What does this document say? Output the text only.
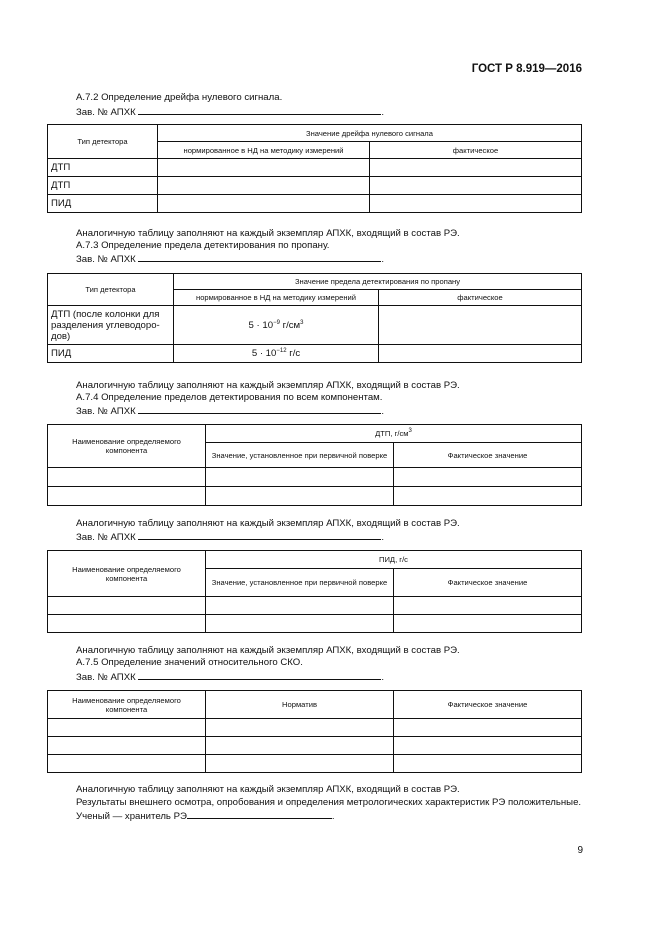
ГОСТ Р 8.919—2016
А.7.2 Определение дрейфа нулевого сигнала.
Зав. № АПХК	.
Тип детектора	Значение дрейфа нулевого сигнала	
	нормированное в НД на методику измерений	фактическое
ДТП		
ДТП		
ПИД		
Аналогичную таблицу заполняют на каждый экземпляр АПХК, входящий в состав РЭ.
А.7.3 Определение предела детектирования по пропану.
Зав. № АПХК	.
Тип детектора	Значение предела детектирования по пропану	
	нормированное в НД на методику измерений	фактическое
ДТП (после колонки для разделения углеводоро-дов)	$5 \cdot 10^{-9}$ $г/см^3$	
ПИД	$5 \cdot 10^{-12}$ г/с	
Аналогичную таблицу заполняют на каждый экземпляр АПХК, входящий в состав РЭ.
А.7.4 Определение пределов детектирования по всем компонентам.
Зав. № АПХК	.
Наименование определяемого компонента	ДТП, $г/см^3$
	Значение, установленное при первичной поверке	Фактическое значение

Аналогичную таблицу заполняют на каждый экземпляр АПХК, входящий в состав РЭ.
Зав. № АПХК	.
Наименование определяемого компонента	ПИД, г/с	
	Значение, установленное при первичной поверке	Фактическое значение

Аналогичную таблицу заполняют на каждый экземпляр АПХК, входящий в состав РЭ.
А.7.5 Определение значений относительного СКО.
Зав. № АПХК	.
Наименование определяемого компонента	Норматив	Фактическое значение

Аналогичную таблицу заполняют на каждый экземпляр АПХК, входящий в состав РЭ.
Результаты внешнего осмотра, опробования и определения метрологических характеристик РЭ положительные.
Ученый — хранитель РЭ	.
9
